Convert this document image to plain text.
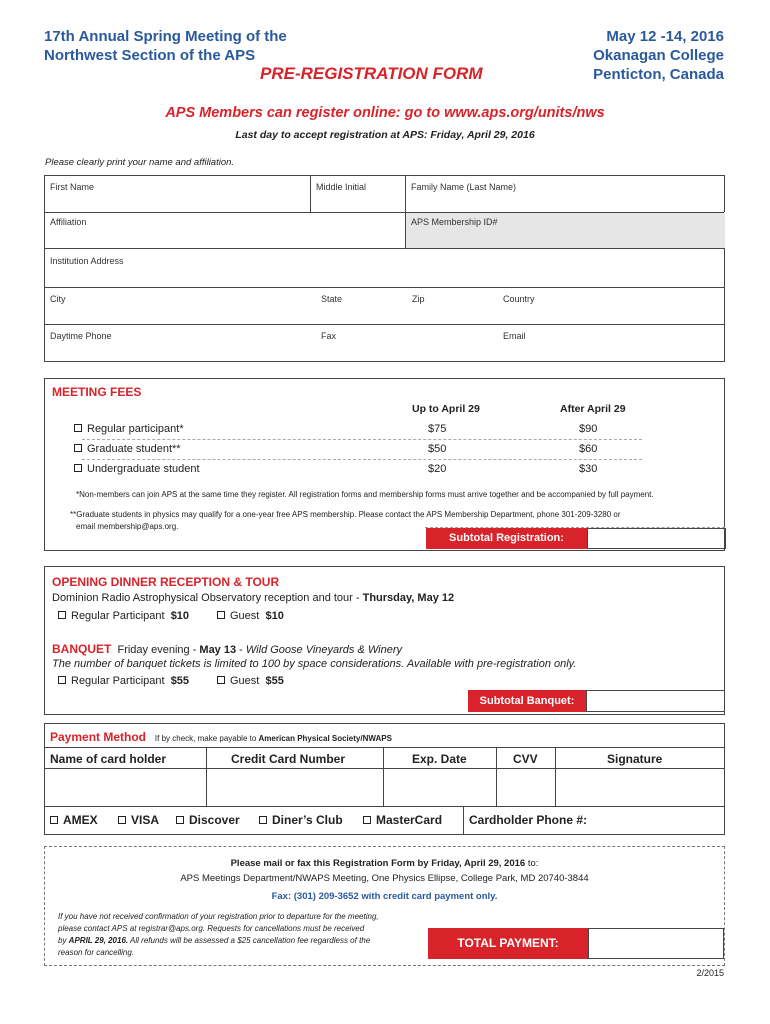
17th Annual Spring Meeting of the
Northwest Section of the APS
May 12 -14, 2016
Okanagan College
Penticton, Canada
PRE-REGISTRATION FORM
APS Members can register online: go to www.aps.org/units/nws
Last day to accept registration at APS: Friday, April 29, 2016
Please clearly print your name and affiliation.
First Name	Middle Initial	Family Name (Last Name)
Affiliation	APS Membership ID#
Institution Address
City	State	Zip	Country
Daytime Phone	Fax	Email
MEETING FEES
Up to April 29	After April 29
Regular participant*	$75	$90
Graduate student**	$50	$60
Undergraduate student	$20	$30
*Non-members can join APS at the same time they register. All registration forms and membership forms must arrive together and be accompanied by full payment.
**Graduate students in physics may qualify for a one-year free APS membership. Please contact the APS Membership Department, phone 301-209-3280 or
email membership@aps.org.
Subtotal Registration:
OPENING DINNER RECEPTION & TOUR
Dominion Radio Astrophysical Observatory reception and tour - Thursday, May 12
Regular Participant $10	Guest $10
BANQUET Friday evening - May 13 - Wild Goose Vineyards & Winery
The number of banquet tickets is limited to 100 by space considerations. Available with pre-registration only.
Regular Participant $55	Guest $55
Subtotal Banquet:
Payment Method If by check, make payable to American Physical Society/NWAPS
Name of card holder	Credit Card Number	Exp. Date	CVV	Signature
AMEX	VISA	Discover	Diner’s Club	MasterCard Cardholder Phone #:
Please mail or fax this Registration Form by Friday, April 29, 2016 to:
APS Meetings Department/NWAPS Meeting, One Physics Ellipse, College Park, MD 20740-3844
Fax: (301) 209-3652 with credit card payment only.
If you have not received confirmation of your registration prior to departure for the meeting,
please contact APS at registrar@aps.org. Requests for cancellations must be received
by APRIL 29, 2016. All refunds will be assessed a $25 cancellation fee regardless of the
reason for cancelling.
TOTAL PAYMENT:
2/2015
